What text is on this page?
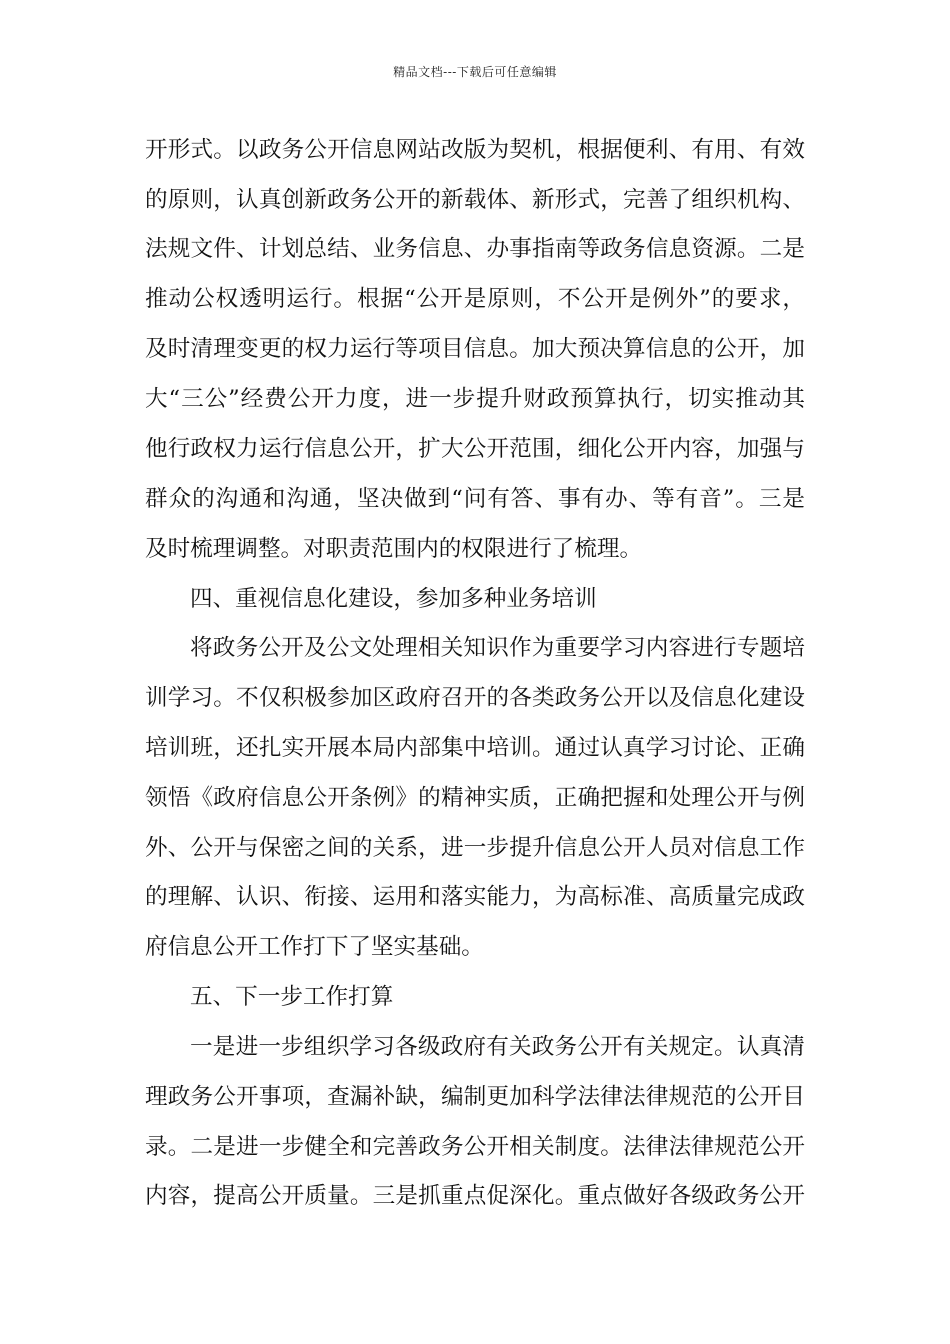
精品文档---下载后可任意编辑
开形式。以政务公开信息网站改版为契机，根据便利、有用、有效
的原则，认真创新政务公开的新载体、新形式，完善了组织机构、
法规文件、计划总结、业务信息、办事指南等政务信息资源。二是
推动公权透明运行。根据“公开是原则，不公开是例外”的要求，
及时清理变更的权力运行等项目信息。加大预决算信息的公开，加
大“三公”经费公开力度，进一步提升财政预算执行，切实推动其
他行政权力运行信息公开，扩大公开范围，细化公开内容，加强与
群众的沟通和沟通，坚决做到“问有答、事有办、等有音”。三是
及时梳理调整。对职责范围内的权限进行了梳理。
四、重视信息化建设，参加多种业务培训
将政务公开及公文处理相关知识作为重要学习内容进行专题培
训学习。不仅积极参加区政府召开的各类政务公开以及信息化建设
培训班，还扎实开展本局内部集中培训。通过认真学习讨论、正确
领悟《政府信息公开条例》的精神实质，正确把握和处理公开与例
外、公开与保密之间的关系，进一步提升信息公开人员对信息工作
的理解、认识、衔接、运用和落实能力，为高标准、高质量完成政
府信息公开工作打下了坚实基础。
五、下一步工作打算
一是进一步组织学习各级政府有关政务公开有关规定。认真清
理政务公开事项，查漏补缺，编制更加科学法律法律规范的公开目
录。二是进一步健全和完善政务公开相关制度。法律法律规范公开
内容，提高公开质量。三是抓重点促深化。重点做好各级政务公开
